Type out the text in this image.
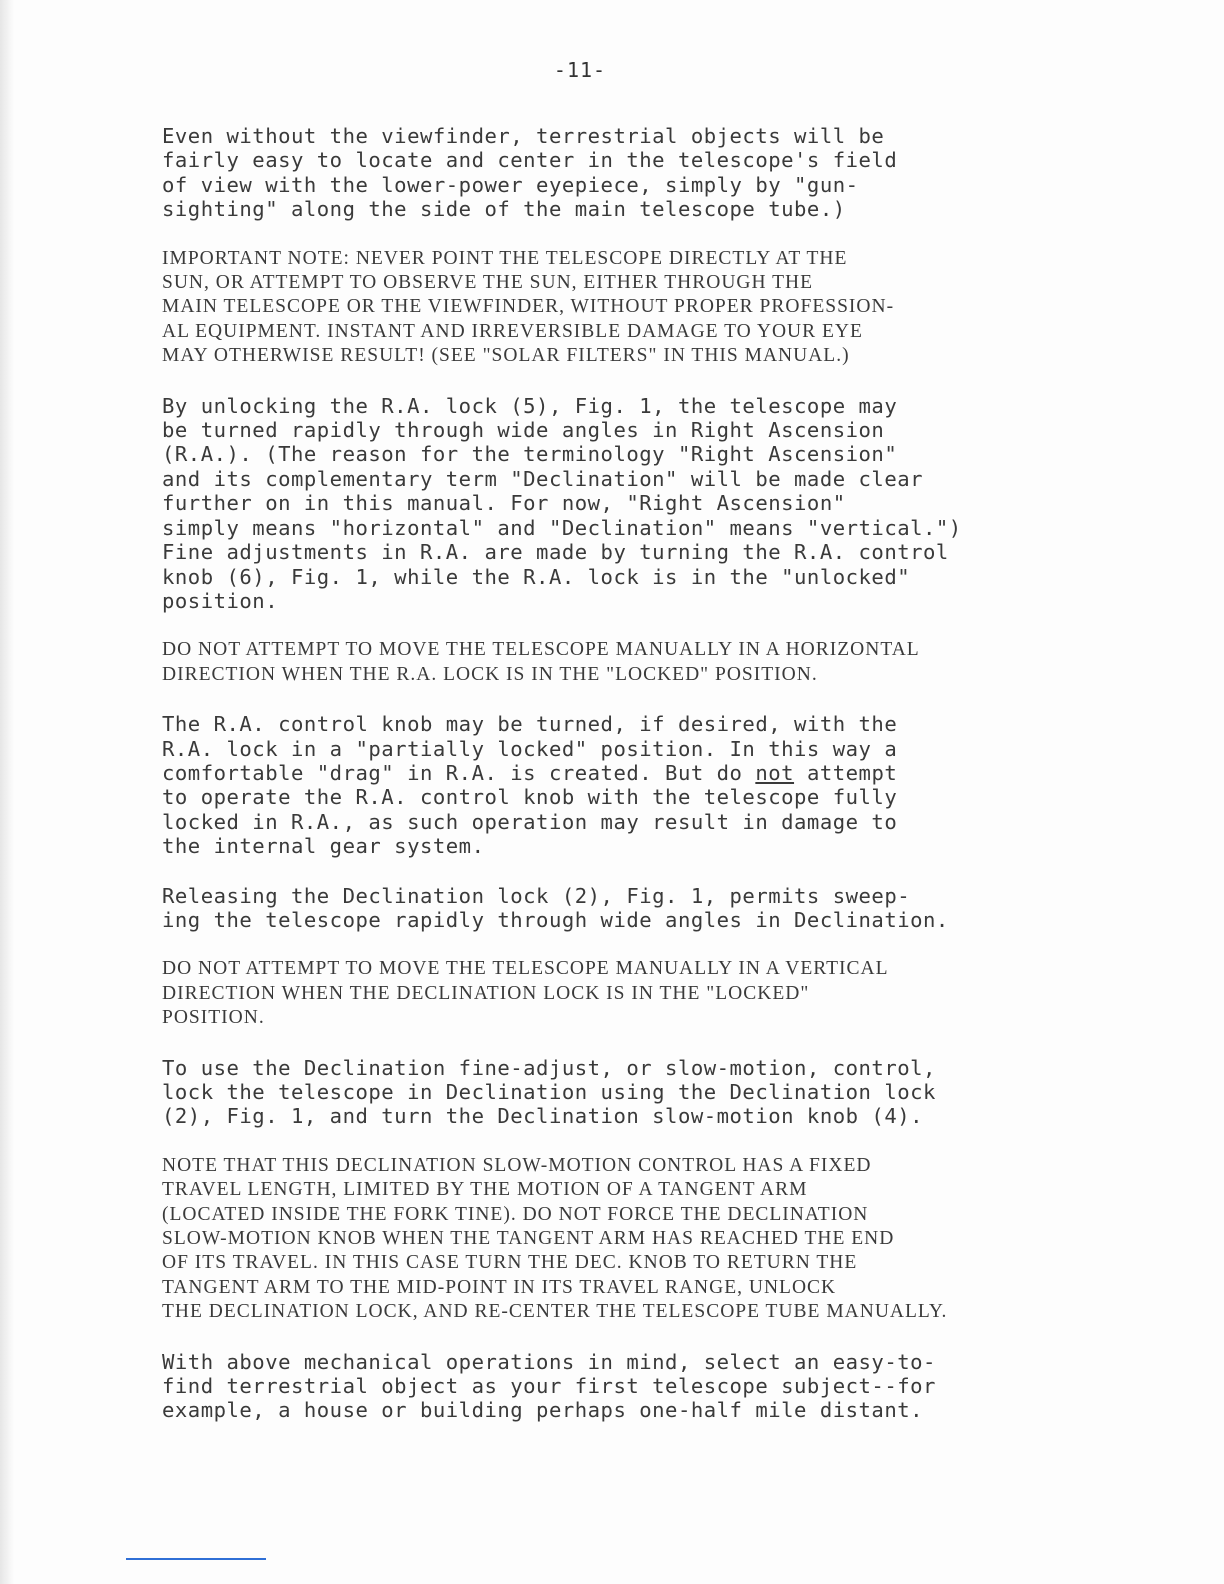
-11-
Even without the viewfinder, terrestrial objects will be
fairly easy to locate and center in the telescope's field
of view with the lower-power eyepiece, simply by "gun-
sighting" along the side of the main telescope tube.)
IMPORTANT NOTE: NEVER POINT THE TELESCOPE DIRECTLY AT THE
SUN, OR ATTEMPT TO OBSERVE THE SUN, EITHER THROUGH THE
MAIN TELESCOPE OR THE VIEWFINDER, WITHOUT PROPER PROFESSION-
AL EQUIPMENT. INSTANT AND IRREVERSIBLE DAMAGE TO YOUR EYE
MAY OTHERWISE RESULT! (SEE "SOLAR FILTERS" IN THIS MANUAL.)
By unlocking the R.A. lock (5), Fig. 1, the telescope may
be turned rapidly through wide angles in Right Ascension
(R.A.). (The reason for the terminology "Right Ascension"
and its complementary term "Declination" will be made clear
further on in this manual. For now, "Right Ascension"
simply means "horizontal" and "Declination" means "vertical.")
Fine adjustments in R.A. are made by turning the R.A. control
knob (6), Fig. 1, while the R.A. lock is in the "unlocked"
position.
DO NOT ATTEMPT TO MOVE THE TELESCOPE MANUALLY IN A HORIZONTAL
DIRECTION WHEN THE R.A. LOCK IS IN THE "LOCKED" POSITION.
The R.A. control knob may be turned, if desired, with the
R.A. lock in a "partially locked" position. In this way a
comfortable "drag" in R.A. is created. But do not attempt
to operate the R.A. control knob with the telescope fully
locked in R.A., as such operation may result in damage to
the internal gear system.
Releasing the Declination lock (2), Fig. 1, permits sweep-
ing the telescope rapidly through wide angles in Declination.
DO NOT ATTEMPT TO MOVE THE TELESCOPE MANUALLY IN A VERTICAL
DIRECTION WHEN THE DECLINATION LOCK IS IN THE "LOCKED"
POSITION.
To use the Declination fine-adjust, or slow-motion, control,
lock the telescope in Declination using the Declination lock
(2), Fig. 1, and turn the Declination slow-motion knob (4).
NOTE THAT THIS DECLINATION SLOW-MOTION CONTROL HAS A FIXED
TRAVEL LENGTH, LIMITED BY THE MOTION OF A TANGENT ARM
(LOCATED INSIDE THE FORK TINE). DO NOT FORCE THE DECLINATION
SLOW-MOTION KNOB WHEN THE TANGENT ARM HAS REACHED THE END
OF ITS TRAVEL. IN THIS CASE TURN THE DEC. KNOB TO RETURN THE
TANGENT ARM TO THE MID-POINT IN ITS TRAVEL RANGE, UNLOCK
THE DECLINATION LOCK, AND RE-CENTER THE TELESCOPE TUBE MANUALLY.
With above mechanical operations in mind, select an easy-to-
find terrestrial object as your first telescope subject--for
example, a house or building perhaps one-half mile distant.
